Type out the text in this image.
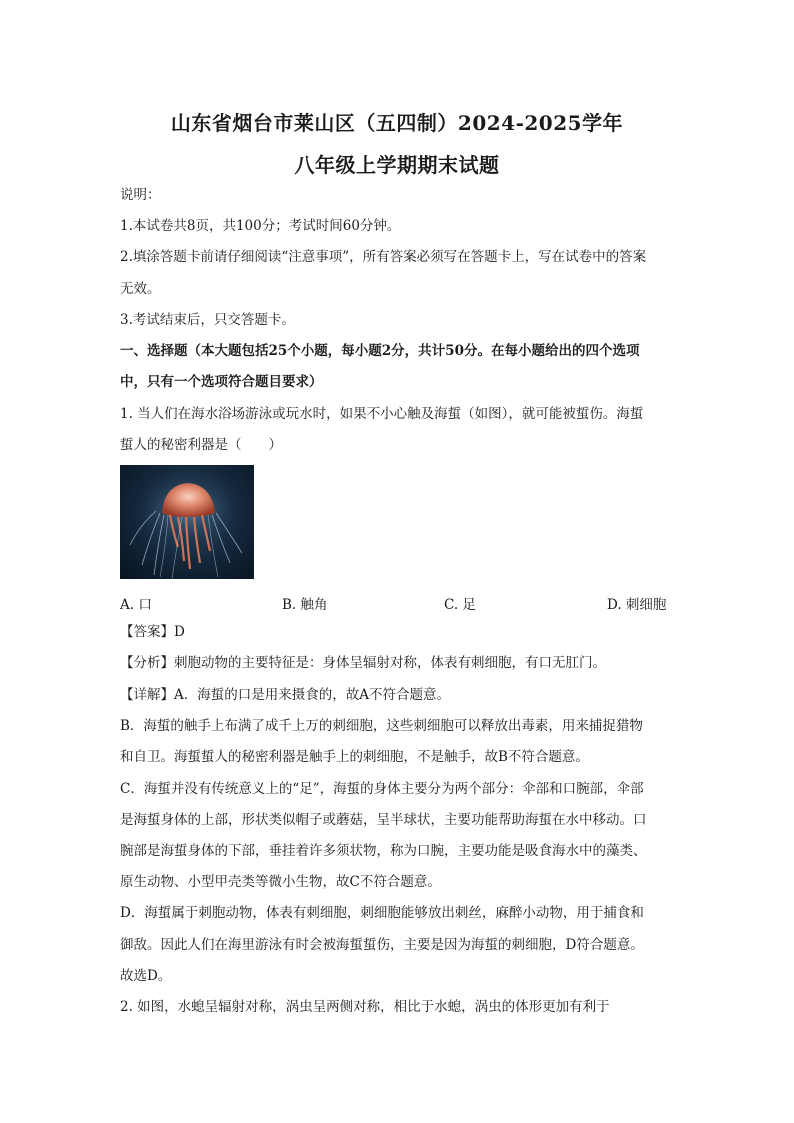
山东省烟台市莱山区（五四制）2024-2025学年
八年级上学期期末试题
说明：
1.本试卷共8页，共100分；考试时间60分钟。
2.填涂答题卡前请仔细阅读“注意事项”，所有答案必须写在答题卡上，写在试卷中的答案
无效。
3.考试结束后，只交答题卡。
一、选择题（本大题包括25个小题，每小题2分，共计50分。在每小题给出的四个选项
中，只有一个选项符合题目要求）
1. 当人们在海水浴场游泳或玩水时，如果不小心触及海蜇（如图），就可能被蜇伤。海蜇
蜇人的秘密利器是（　　）
A. 口	B. 触角	C. 足	D. 刺细胞
【答案】D
【分析】刺胞动物的主要特征是：身体呈辐射对称，体表有刺细胞，有口无肛门。
【详解】A．海蜇的口是用来摄食的，故A不符合题意。
B．海蜇的触手上布满了成千上万的刺细胞，这些刺细胞可以释放出毒素，用来捕捉猎物
和自卫。海蜇蜇人的秘密利器是触手上的刺细胞，不是触手，故B不符合题意。
C．海蜇并没有传统意义上的“足”，海蜇的身体主要分为两个部分：伞部和口腕部，伞部
是海蜇身体的上部，形状类似帽子或蘑菇，呈半球状，主要功能帮助海蜇在水中移动。口
腕部是海蜇身体的下部，垂挂着许多须状物，称为口腕，主要功能是吸食海水中的藻类、
原生动物、小型甲壳类等微小生物，故C不符合题意。
D．海蜇属于刺胞动物，体表有刺细胞，刺细胞能够放出刺丝，麻醉小动物，用于捕食和
御敌。因此人们在海里游泳有时会被海蜇蜇伤，主要是因为海蜇的刺细胞，D符合题意。
故选D。
2. 如图，水螅呈辐射对称，涡虫呈两侧对称，相比于水螅，涡虫的体形更加有利于
